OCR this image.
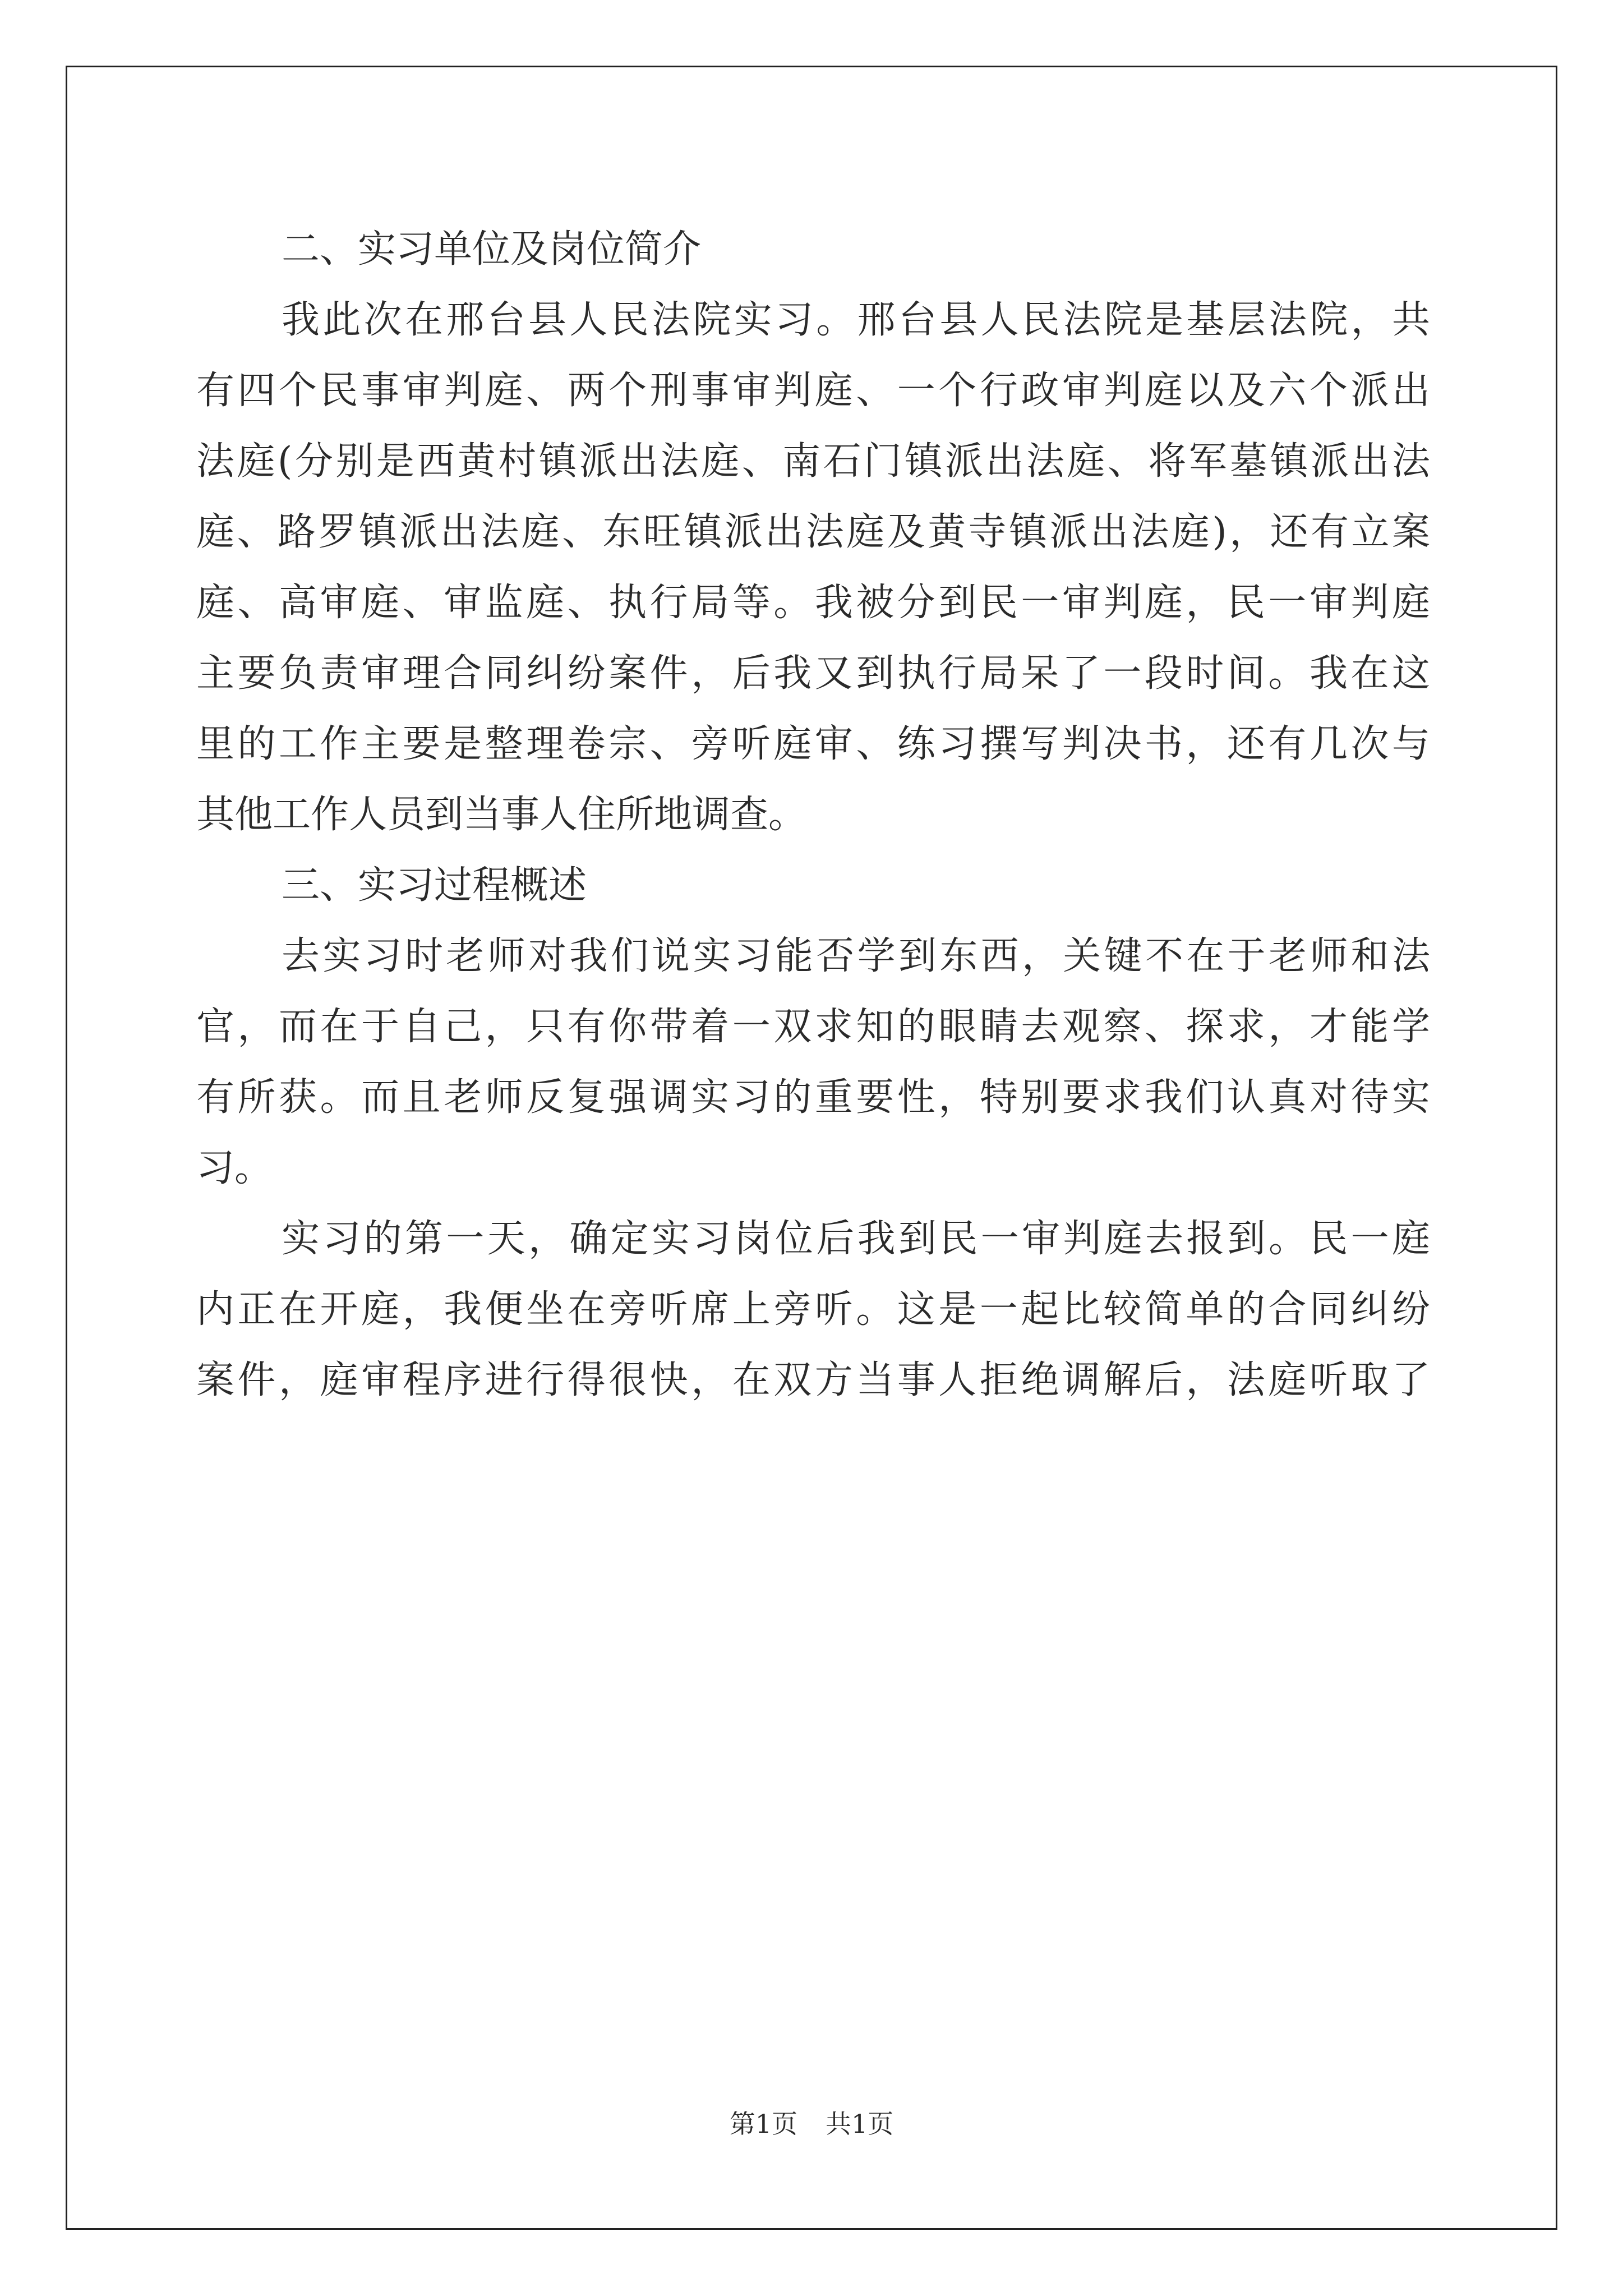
二、实习单位及岗位简介
我此次在邢台县人民法院实习。邢台县人民法院是基层法院，共
有四个民事审判庭、两个刑事审判庭、一个行政审判庭以及六个派出
法庭(分别是西黄村镇派出法庭、南石门镇派出法庭、将军墓镇派出法
庭、路罗镇派出法庭、东旺镇派出法庭及黄寺镇派出法庭)，还有立案
庭、高审庭、审监庭、执行局等。我被分到民一审判庭，民一审判庭
主要负责审理合同纠纷案件，后我又到执行局呆了一段时间。我在这
里的工作主要是整理卷宗、旁听庭审、练习撰写判决书，还有几次与
其他工作人员到当事人住所地调查。
三、实习过程概述
去实习时老师对我们说实习能否学到东西，关键不在于老师和法
官，而在于自己，只有你带着一双求知的眼睛去观察、探求，才能学
有所获。而且老师反复强调实习的重要性，特别要求我们认真对待实
习。
实习的第一天，确定实习岗位后我到民一审判庭去报到。民一庭
内正在开庭，我便坐在旁听席上旁听。这是一起比较简单的合同纠纷
案件，庭审程序进行得很快，在双方当事人拒绝调解后，法庭听取了
第1页 共1页
